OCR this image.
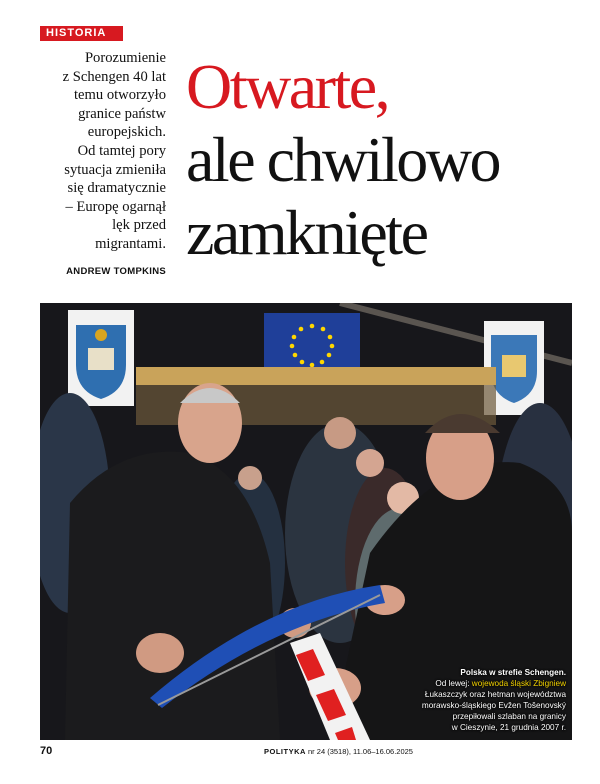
HISTORIA
Porozumienie
z Schengen 40 lat
temu otworzyło
granice państw
europejskich.
Od tamtej pory
sytuacja zmieniła
się dramatycznie
– Europę ogarnął
lęk przed
migrantami.
ANDREW TOMPKINS
Otwarte,
ale chwilowo
zamknięte
Polska w strefie Schengen.
Od lewej: wojewoda śląski Zbigniew
Łukaszczyk oraz hetman województwa
morawsko-śląskiego Evžen Tošenovský
przepiłowali szlaban na granicy
w Cieszynie, 21 grudnia 2007 r.
70	POLITYKA nr 24 (3518), 11.06–16.06.2025
